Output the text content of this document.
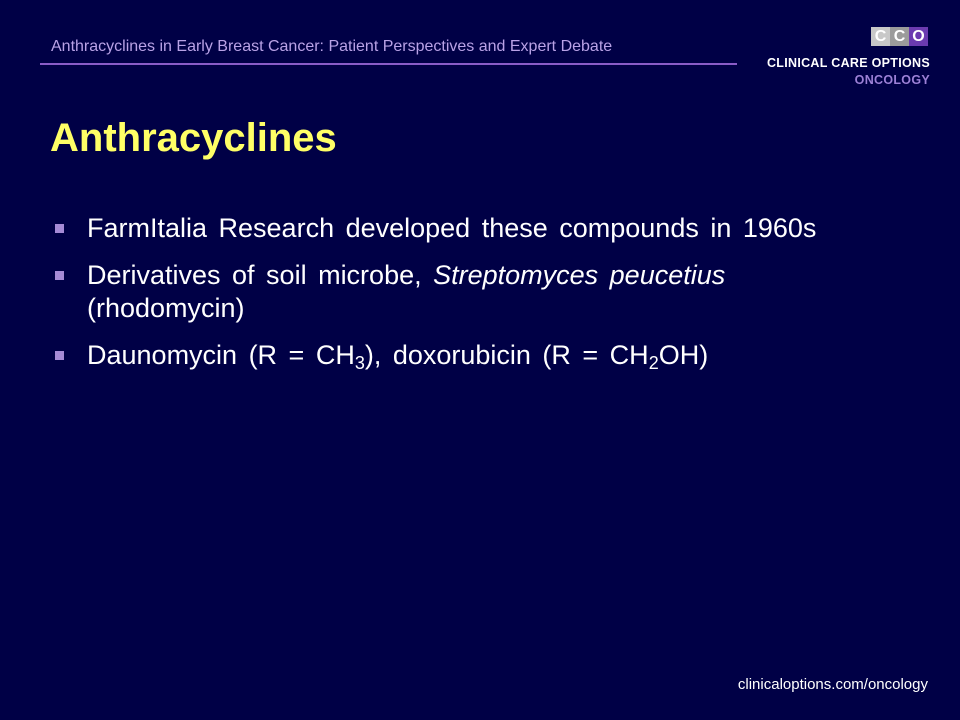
Anthracyclines in Early Breast Cancer: Patient Perspectives and Expert Debate
C C O
CLINICAL CARE OPTIONS
ONCOLOGY
Anthracyclines
FarmItalia Research developed these compounds in 1960s
Derivatives of soil microbe, Streptomyces peucetius (rhodomycin)
Daunomycin $(R = CH_3)$, doxorubicin $(R = CH_2OH)$
clinicaloptions.com/oncology
